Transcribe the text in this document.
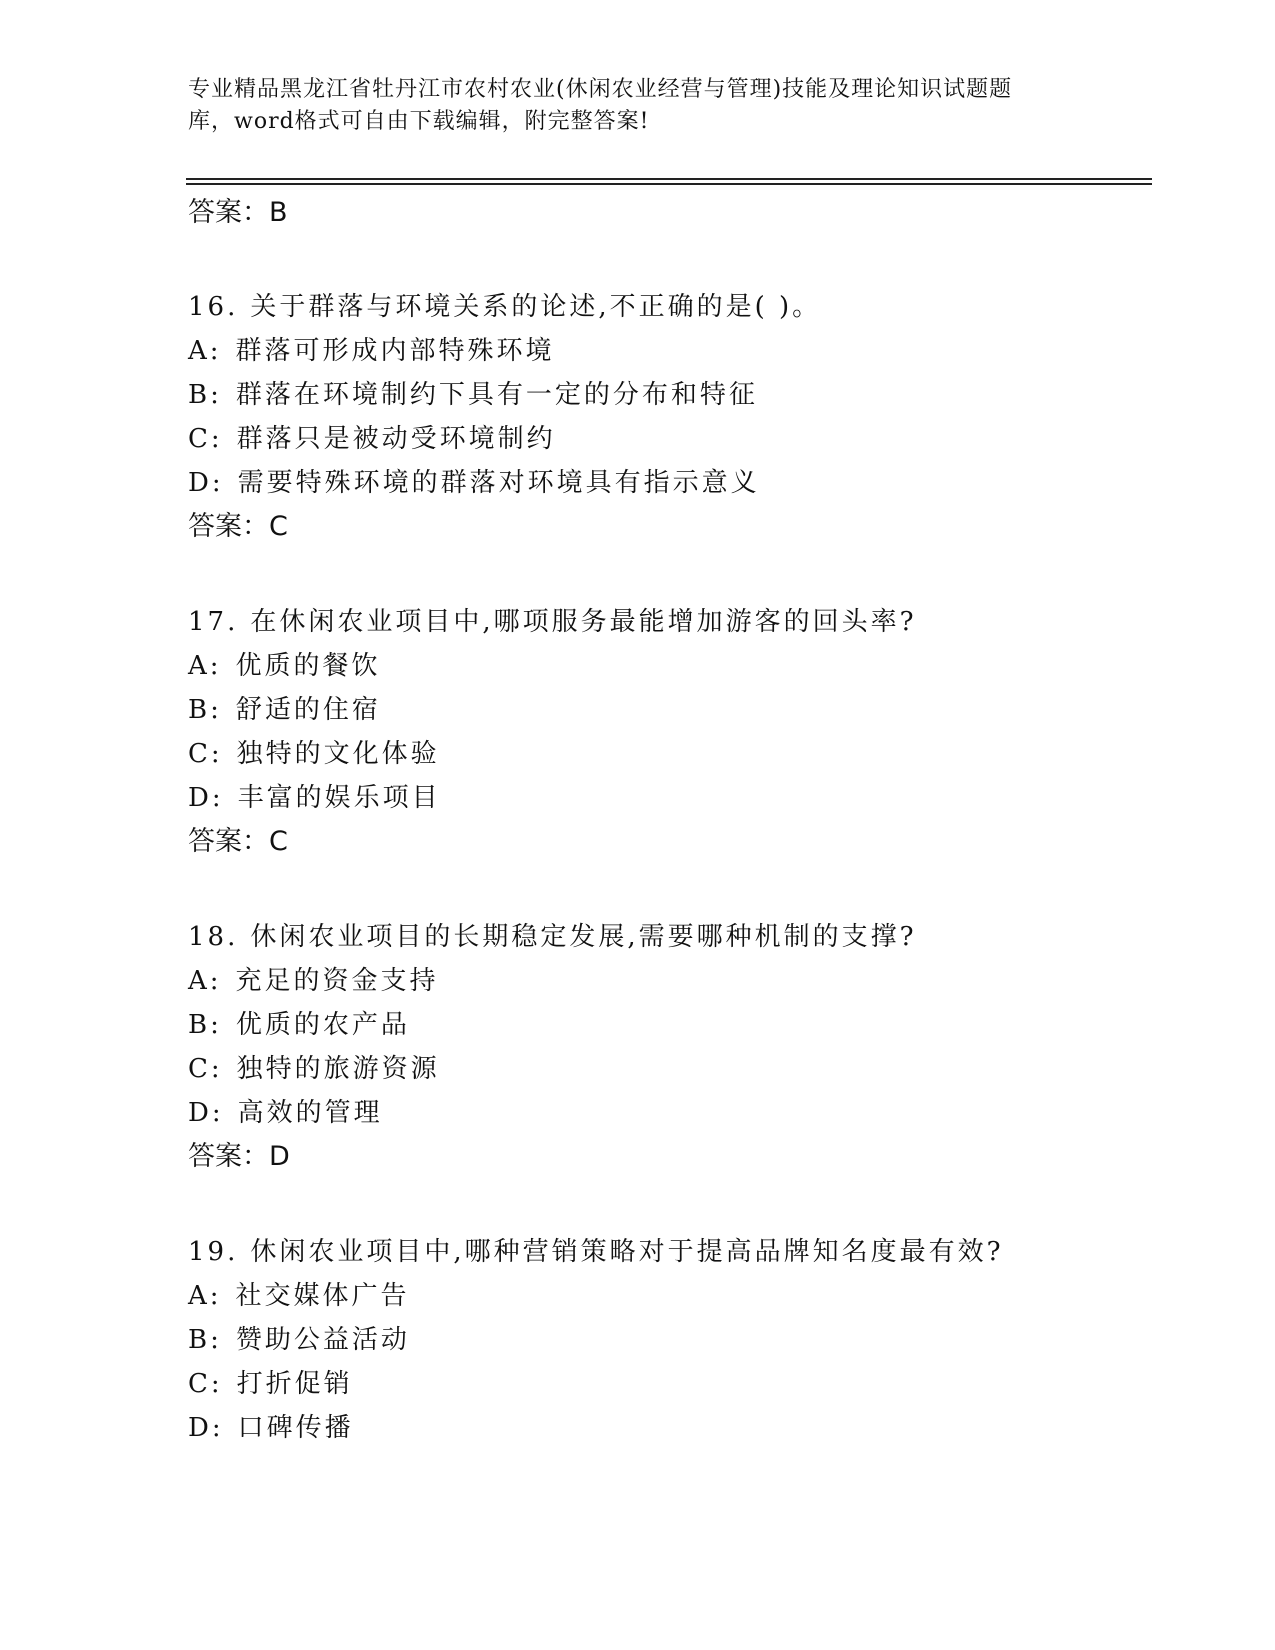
专业精品黑龙江省牡丹江市农村农业(休闲农业经营与管理)技能及理论知识试题题
库，word格式可自由下载编辑，附完整答案!
答案：B
16. 关于群落与环境关系的论述,不正确的是( )。
A: 群落可形成内部特殊环境
B: 群落在环境制约下具有一定的分布和特征
C: 群落只是被动受环境制约
D: 需要特殊环境的群落对环境具有指示意义
答案：C
17. 在休闲农业项目中,哪项服务最能增加游客的回头率?
A: 优质的餐饮
B: 舒适的住宿
C: 独特的文化体验
D: 丰富的娱乐项目
答案：C
18. 休闲农业项目的长期稳定发展,需要哪种机制的支撑?
A: 充足的资金支持
B: 优质的农产品
C: 独特的旅游资源
D: 高效的管理
答案：D
19. 休闲农业项目中,哪种营销策略对于提高品牌知名度最有效?
A: 社交媒体广告
B: 赞助公益活动
C: 打折促销
D: 口碑传播
